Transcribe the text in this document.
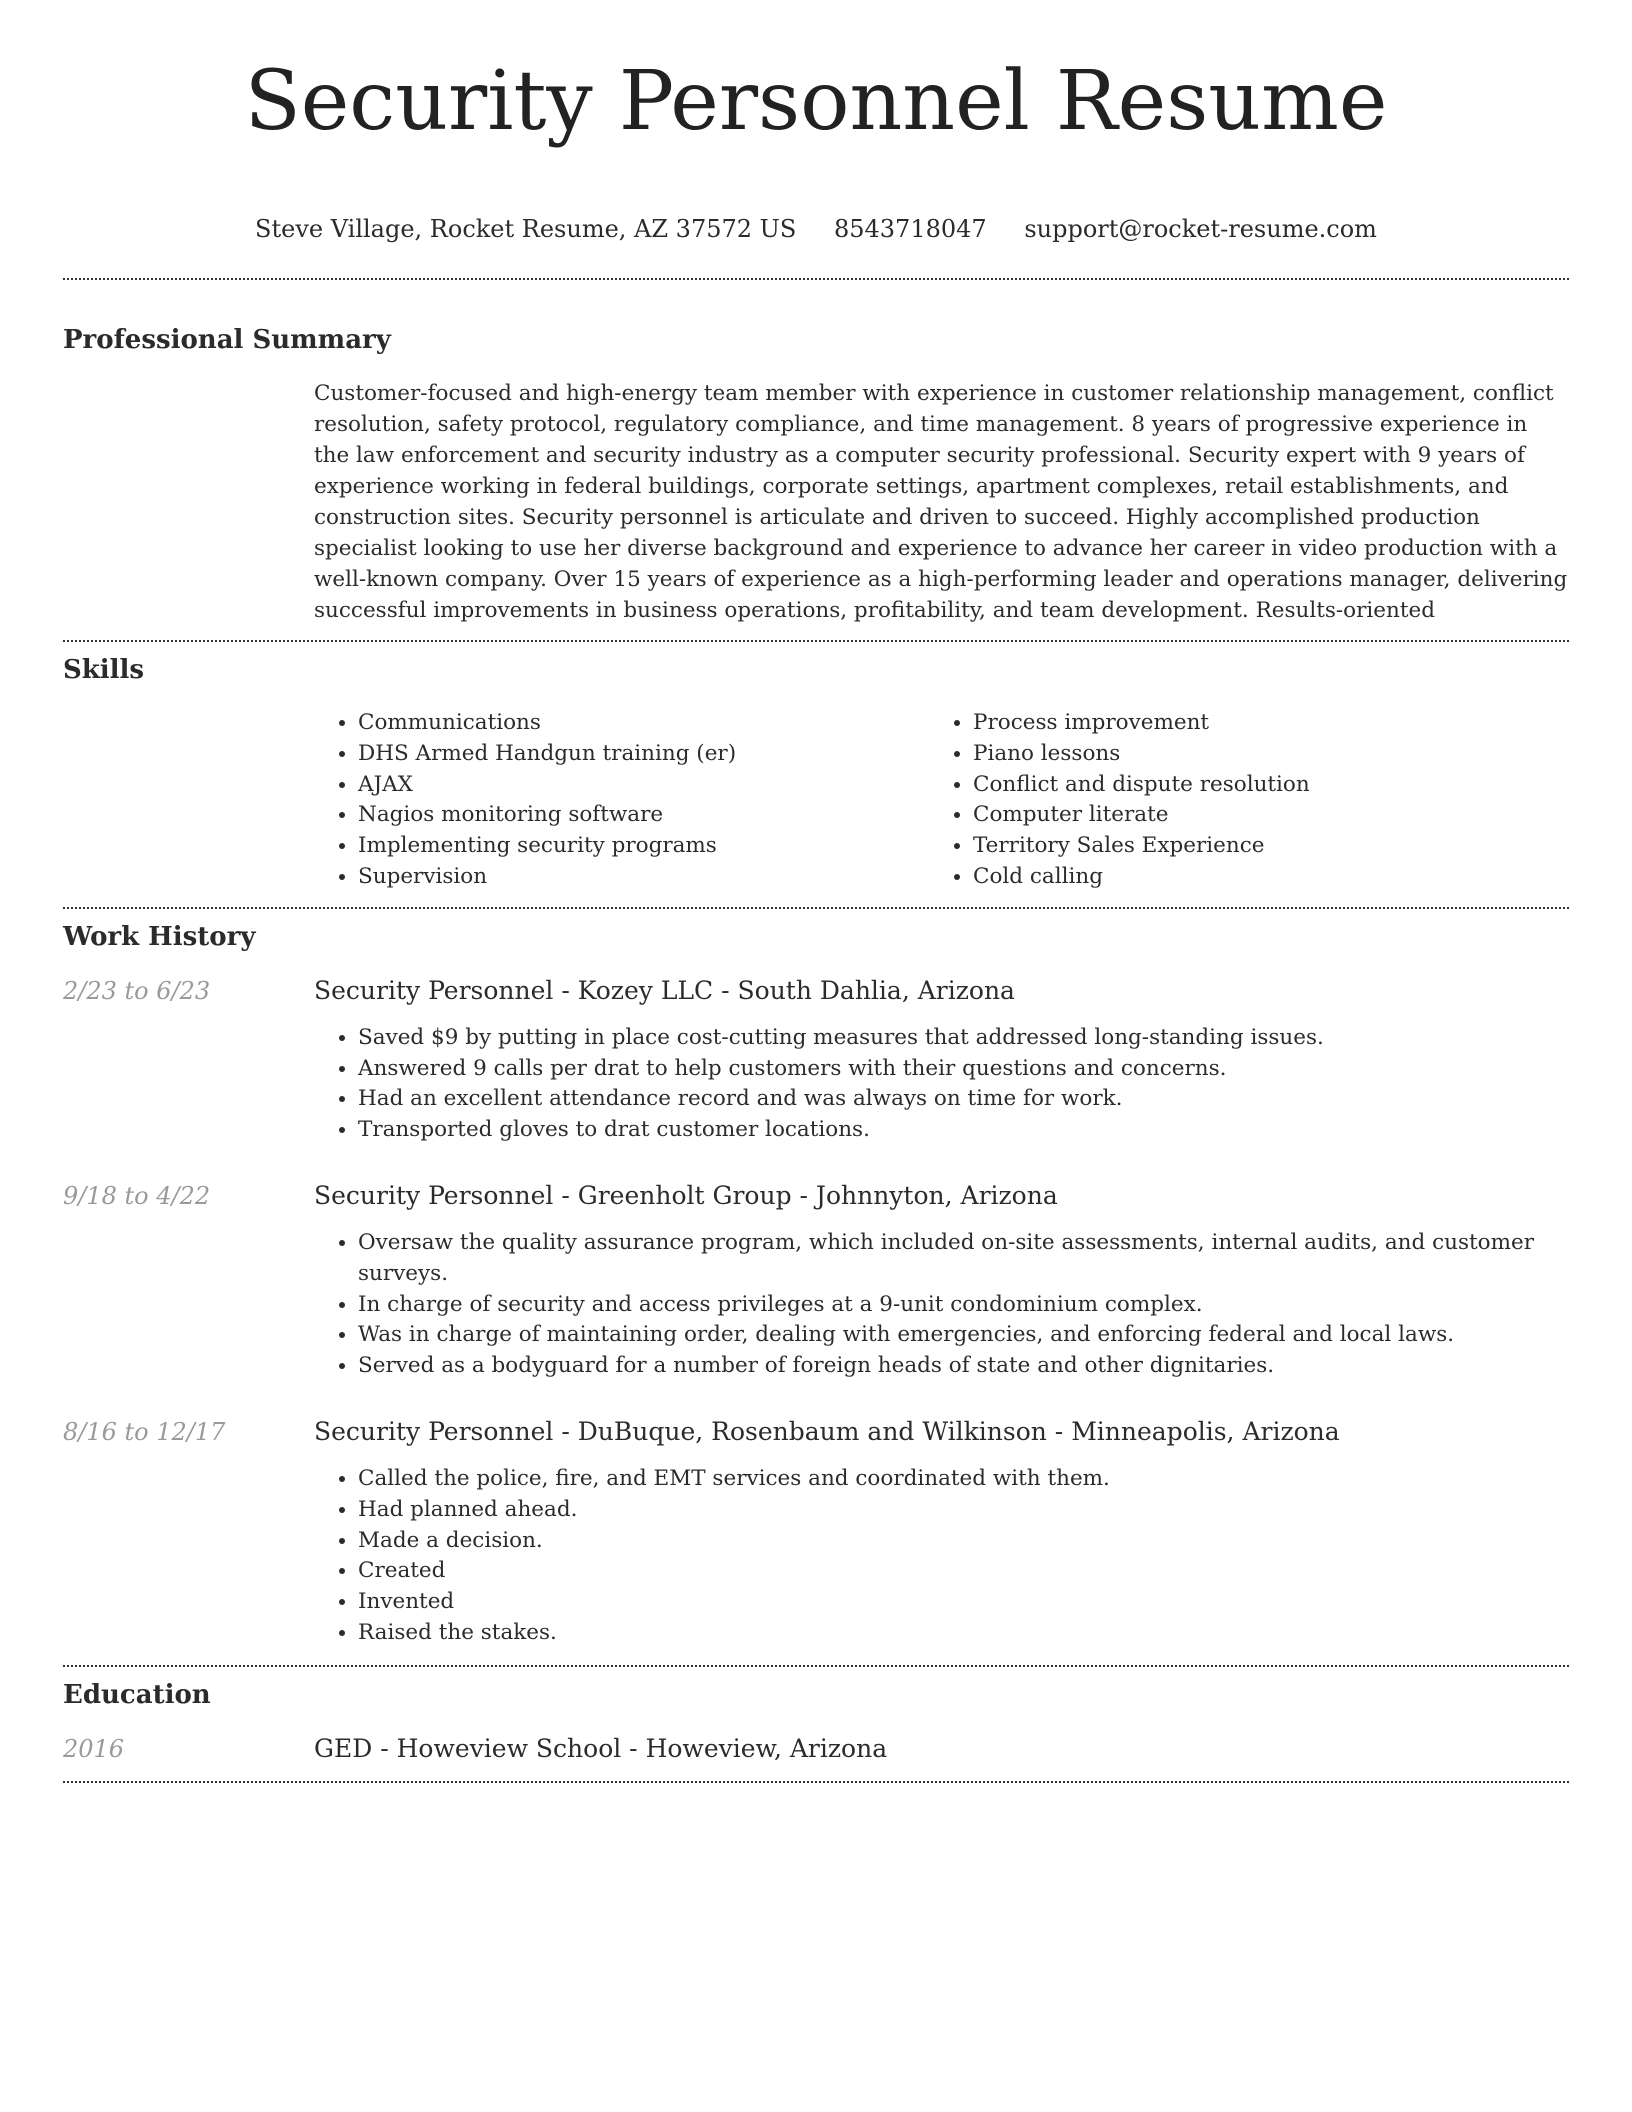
Security Personnel Resume
Steve Village, Rocket Resume, AZ 37572 US 8543718047 support@rocket-resume.com
Professional Summary
Customer-focused and high-energy team member with experience in customer relationship management, conflict resolution, safety protocol, regulatory compliance, and time management. 8 years of progressive experience in the law enforcement and security industry as a computer security professional. Security expert with 9 years of experience working in federal buildings, corporate settings, apartment complexes, retail establishments, and construction sites. Security personnel is articulate and driven to succeed. Highly accomplished production specialist looking to use her diverse background and experience to advance her career in video production with a well-known company. Over 15 years of experience as a high-performing leader and operations manager, delivering successful improvements in business operations, profitability, and team development. Results-oriented
Skills
• Communications
• DHS Armed Handgun training (er)
• AJAX
• Nagios monitoring software
• Implementing security programs
• Supervision
• Process improvement
• Piano lessons
• Conflict and dispute resolution
• Computer literate
• Territory Sales Experience
• Cold calling
Work History
2/23 to 6/23	Security Personnel - Kozey LLC - South Dahlia, Arizona
• Saved $9 by putting in place cost-cutting measures that addressed long-standing issues.
• Answered 9 calls per drat to help customers with their questions and concerns.
• Had an excellent attendance record and was always on time for work.
• Transported gloves to drat customer locations.
9/18 to 4/22	Security Personnel - Greenholt Group - Johnnyton, Arizona
• Oversaw the quality assurance program, which included on-site assessments, internal audits, and customer surveys.
• In charge of security and access privileges at a 9-unit condominium complex.
• Was in charge of maintaining order, dealing with emergencies, and enforcing federal and local laws.
• Served as a bodyguard for a number of foreign heads of state and other dignitaries.
8/16 to 12/17	Security Personnel - DuBuque, Rosenbaum and Wilkinson - Minneapolis, Arizona
• Called the police, fire, and EMT services and coordinated with them.
• Had planned ahead.
• Made a decision.
• Created
• Invented
• Raised the stakes.
Education
2016	GED - Howeview School - Howeview, Arizona
